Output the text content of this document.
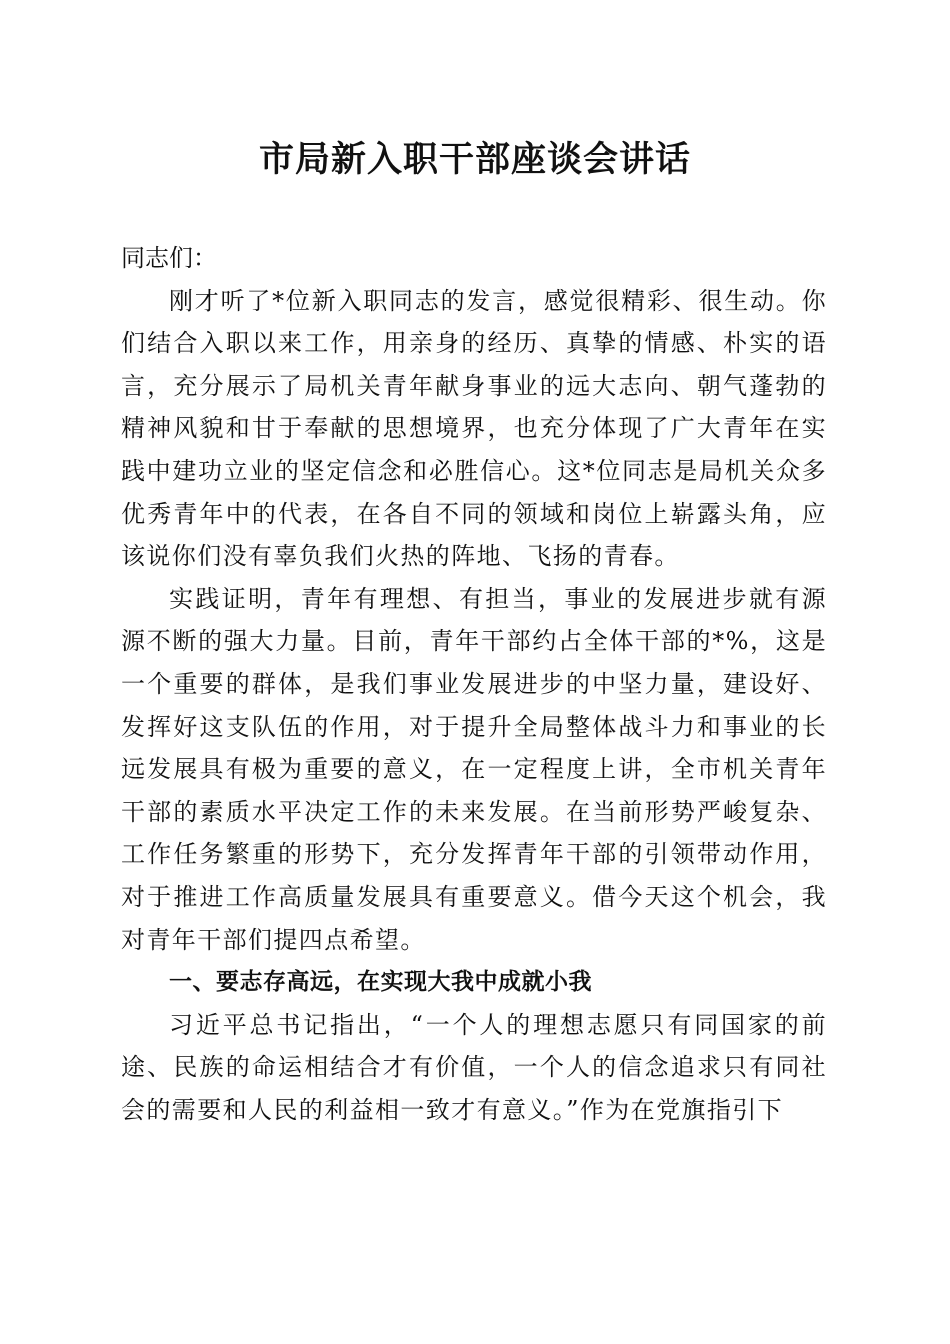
市局新入职干部座谈会讲话

同志们：

刚才听了*位新入职同志的发言，感觉很精彩、很生动。你们结合入职以来工作，用亲身的经历、真挚的情感、朴实的语言，充分展示了局机关青年献身事业的远大志向、朝气蓬勃的精神风貌和甘于奉献的思想境界，也充分体现了广大青年在实践中建功立业的坚定信念和必胜信心。这*位同志是局机关众多优秀青年中的代表，在各自不同的领域和岗位上崭露头角，应该说你们没有辜负我们火热的阵地、飞扬的青春。

实践证明，青年有理想、有担当，事业的发展进步就有源源不断的强大力量。目前，青年干部约占全体干部的*%，这是一个重要的群体，是我们事业发展进步的中坚力量，建设好、发挥好这支队伍的作用，对于提升全局整体战斗力和事业的长远发展具有极为重要的意义，在一定程度上讲，全市机关青年干部的素质水平决定工作的未来发展。在当前形势严峻复杂、工作任务繁重的形势下，充分发挥青年干部的引领带动作用，对于推进工作高质量发展具有重要意义。借今天这个机会，我对青年干部们提四点希望。

一、要志存高远，在实现大我中成就小我

习近平总书记指出，“一个人的理想志愿只有同国家的前途、民族的命运相结合才有价值，一个人的信念追求只有同社会的需要和人民的利益相一致才有意义。”作为在党旗指引下
